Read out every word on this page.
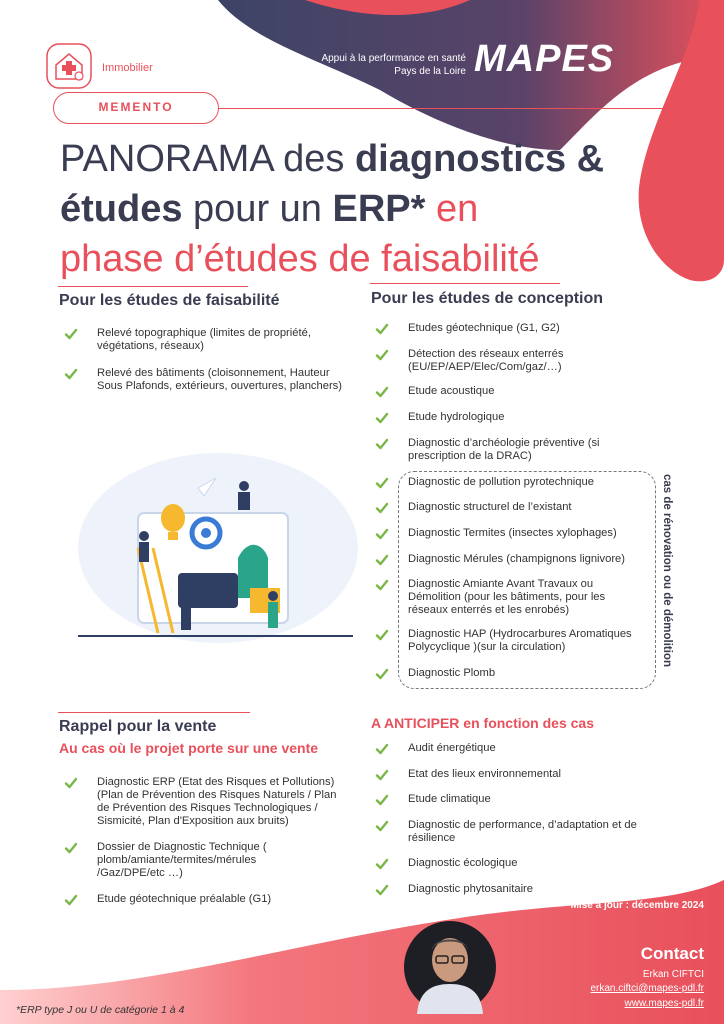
Immobilier
Appui à la performance en santé
Pays de la Loire MAPES
MEMENTO
PANORAMA des diagnostics &
études pour un ERP* en
phase d’études de faisabilité
Pour les études de faisabilité
Relevé topographique (limites de propriété, végétations, réseaux)
Relevé des bâtiments (cloisonnement, Hauteur Sous Plafonds, extérieurs, ouvertures, planchers)
Pour les études de conception
cas de rénovation ou de démolition
Etudes géotechnique (G1, G2)
Détection des réseaux enterrés (EU/EP/AEP/Elec/Com/gaz/…)
Etude acoustique
Etude hydrologique
Diagnostic d’archéologie préventive (si prescription de la DRAC)
Diagnostic de pollution pyrotechnique
Diagnostic structurel de l’existant
Diagnostic Termites (insectes xylophages)
Diagnostic Mérules (champignons lignivore)
Diagnostic Amiante Avant Travaux ou Démolition (pour les bâtiments, pour les réseaux enterrés et les enrobés)
Diagnostic HAP (Hydrocarbures Aromatiques Polycyclique )(sur la circulation)
Diagnostic Plomb
Rappel pour la vente
Au cas où le projet porte sur une vente
Diagnostic ERP (Etat des Risques et Pollutions) (Plan de Prévention des Risques Naturels / Plan de Prévention des Risques Technologiques / Sismicité, Plan d'Exposition aux bruits)
Dossier de Diagnostic Technique ( plomb/amiante/termites/mérules /Gaz/DPE/etc …)
Etude géotechnique préalable (G1)
A ANTICIPER en fonction des cas
Audit énergétique
Etat des lieux environnemental
Etude climatique
Diagnostic de performance, d’adaptation et de résilience
Diagnostic écologique
Diagnostic phytosanitaire
Mise à jour : décembre 2024
Contact
Erkan CIFTCI
erkan.ciftci@mapes-pdl.fr
www.mapes-pdl.fr
*ERP type J ou U de catégorie 1 à 4
